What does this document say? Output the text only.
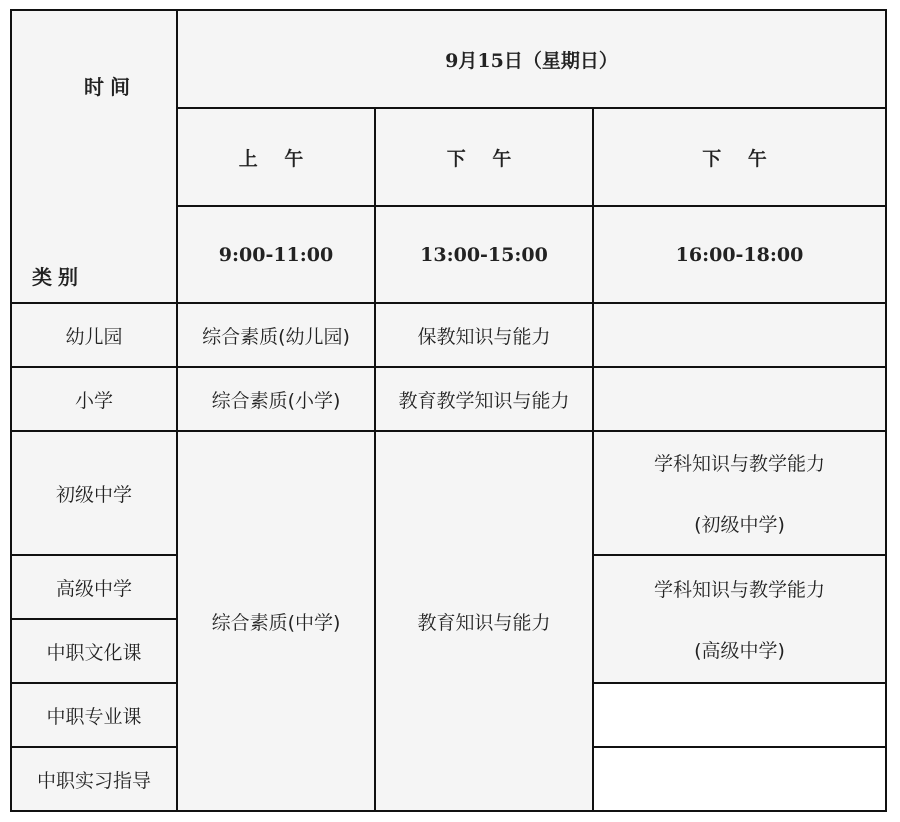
时间
类别	9月15日（星期日）		
	上 午	下 午	下 午
	9:00-11:00	13:00-15:00	16:00-18:00
幼儿园	综合素质(幼儿园)	保教知识与能力	
小学	综合素质(小学)	教育教学知识与能力	
初级中学	综合素质(中学)	教育知识与能力	学科知识与教学能力
(初级中学)

高级中学			学科知识与教学能力
(高级中学)

中职文化课			
中职专业课			
中职实习指导			
